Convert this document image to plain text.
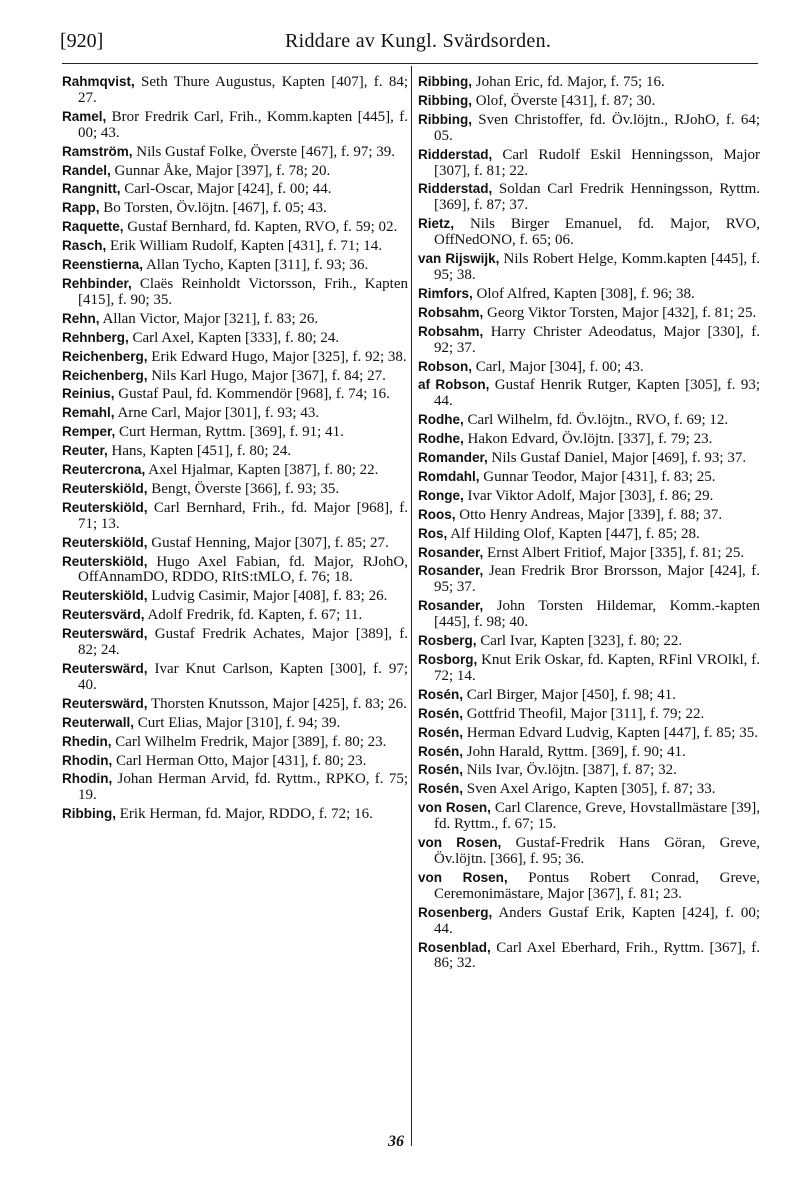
[920]	Riddare av Kungl. Svärdsorden.

Rahmqvist, Seth Thure Augustus, Kapten [407], f. 84; 27.

Ramel, Bror Fredrik Carl, Frih., Komm.kapten [445], f. 00; 43.

Ramström, Nils Gustaf Folke, Överste [467], f. 97; 39.

Randel, Gunnar Åke, Major [397], f. 78; 20.

Rangnitt, Carl-Oscar, Major [424], f. 00; 44.

Rapp, Bo Torsten, Öv.löjtn. [467], f. 05; 43.

Raquette, Gustaf Bernhard, fd. Kapten, RVO, f. 59; 02.

Rasch, Erik William Rudolf, Kapten [431], f. 71; 14.

Reenstierna, Allan Tycho, Kapten [311], f. 93; 36.

Rehbinder, Claës Reinholdt Victorsson, Frih., Kapten [415], f. 90; 35.

Rehn, Allan Victor, Major [321], f. 83; 26.

Rehnberg, Carl Axel, Kapten [333], f. 80; 24.

Reichenberg, Erik Edward Hugo, Major [325], f. 92; 38.

Reichenberg, Nils Karl Hugo, Major [367], f. 84; 27.

Reinius, Gustaf Paul, fd. Kommendör [968], f. 74; 16.

Remahl, Arne Carl, Major [301], f. 93; 43.

Remper, Curt Herman, Ryttm. [369], f. 91; 41.

Reuter, Hans, Kapten [451], f. 80; 24.

Reutercrona, Axel Hjalmar, Kapten [387], f. 80; 22.

Reuterskiöld, Bengt, Överste [366], f. 93; 35.

Reuterskiöld, Carl Bernhard, Frih., fd. Major [968], f. 71; 13.

Reuterskiöld, Gustaf Henning, Major [307], f. 85; 27.

Reuterskiöld, Hugo Axel Fabian, fd. Major, RJohO, OffAnnamDO, RDDO, RItS:tMLO, f. 76; 18.

Reuterskiöld, Ludvig Casimir, Major [408], f. 83; 26.

Reutersvärd, Adolf Fredrik, fd. Kapten, f. 67; 11.

Reuterswärd, Gustaf Fredrik Achates, Major [389], f. 82; 24.

Reuterswärd, Ivar Knut Carlson, Kapten [300], f. 97; 40.

Reuterswärd, Thorsten Knutsson, Major [425], f. 83; 26.

Reuterwall, Curt Elias, Major [310], f. 94; 39.

Rhedin, Carl Wilhelm Fredrik, Major [389], f. 80; 23.

Rhodin, Carl Herman Otto, Major [431], f. 80; 23.

Rhodin, Johan Herman Arvid, fd. Ryttm., RPKO, f. 75; 19.

Ribbing, Erik Herman, fd. Major, RDDO, f. 72; 16.

Ribbing, Johan Eric, fd. Major, f. 75; 16.

Ribbing, Olof, Överste [431], f. 87; 30.

Ribbing, Sven Christoffer, fd. Öv.löjtn., RJohO, f. 64; 05.

Ridderstad, Carl Rudolf Eskil Henningsson, Major [307], f. 81; 22.

Ridderstad, Soldan Carl Fredrik Henningsson, Ryttm. [369], f. 87; 37.

Rietz, Nils Birger Emanuel, fd. Major, RVO, OffNedONO, f. 65; 06.

van Rijswijk, Nils Robert Helge, Komm.kapten [445], f. 95; 38.

Rimfors, Olof Alfred, Kapten [308], f. 96; 38.

Robsahm, Georg Viktor Torsten, Major [432], f. 81; 25.

Robsahm, Harry Christer Adeodatus, Major [330], f. 92; 37.

Robson, Carl, Major [304], f. 00; 43.

af Robson, Gustaf Henrik Rutger, Kapten [305], f. 93; 44.

Rodhe, Carl Wilhelm, fd. Öv.löjtn., RVO, f. 69; 12.

Rodhe, Hakon Edvard, Öv.löjtn. [337], f. 79; 23.

Romander, Nils Gustaf Daniel, Major [469], f. 93; 37.

Romdahl, Gunnar Teodor, Major [431], f. 83; 25.

Ronge, Ivar Viktor Adolf, Major [303], f. 86; 29.

Roos, Otto Henry Andreas, Major [339], f. 88; 37.

Ros, Alf Hilding Olof, Kapten [447], f. 85; 28.

Rosander, Ernst Albert Fritiof, Major [335], f. 81; 25.

Rosander, Jean Fredrik Bror Brorsson, Major [424], f. 95; 37.

Rosander, John Torsten Hildemar, Komm.-kapten [445], f. 98; 40.

Rosberg, Carl Ivar, Kapten [323], f. 80; 22.

Rosborg, Knut Erik Oskar, fd. Kapten, RFinl VROlkl, f. 72; 14.

Rosén, Carl Birger, Major [450], f. 98; 41.

Rosén, Gottfrid Theofil, Major [311], f. 79; 22.

Rosén, Herman Edvard Ludvig, Kapten [447], f. 85; 35.

Rosén, John Harald, Ryttm. [369], f. 90; 41.

Rosén, Nils Ivar, Öv.löjtn. [387], f. 87; 32.

Rosén, Sven Axel Arigo, Kapten [305], f. 87; 33.

von Rosen, Carl Clarence, Greve, Hovstallmästare [39], fd. Ryttm., f. 67; 15.

von Rosen, Gustaf-Fredrik Hans Göran, Greve, Öv.löjtn. [366], f. 95; 36.

von Rosen, Pontus Robert Conrad, Greve, Ceremonimästare, Major [367], f. 81; 23.

Rosenberg, Anders Gustaf Erik, Kapten [424], f. 00; 44.

Rosenblad, Carl Axel Eberhard, Frih., Ryttm. [367], f. 86; 32.

36
